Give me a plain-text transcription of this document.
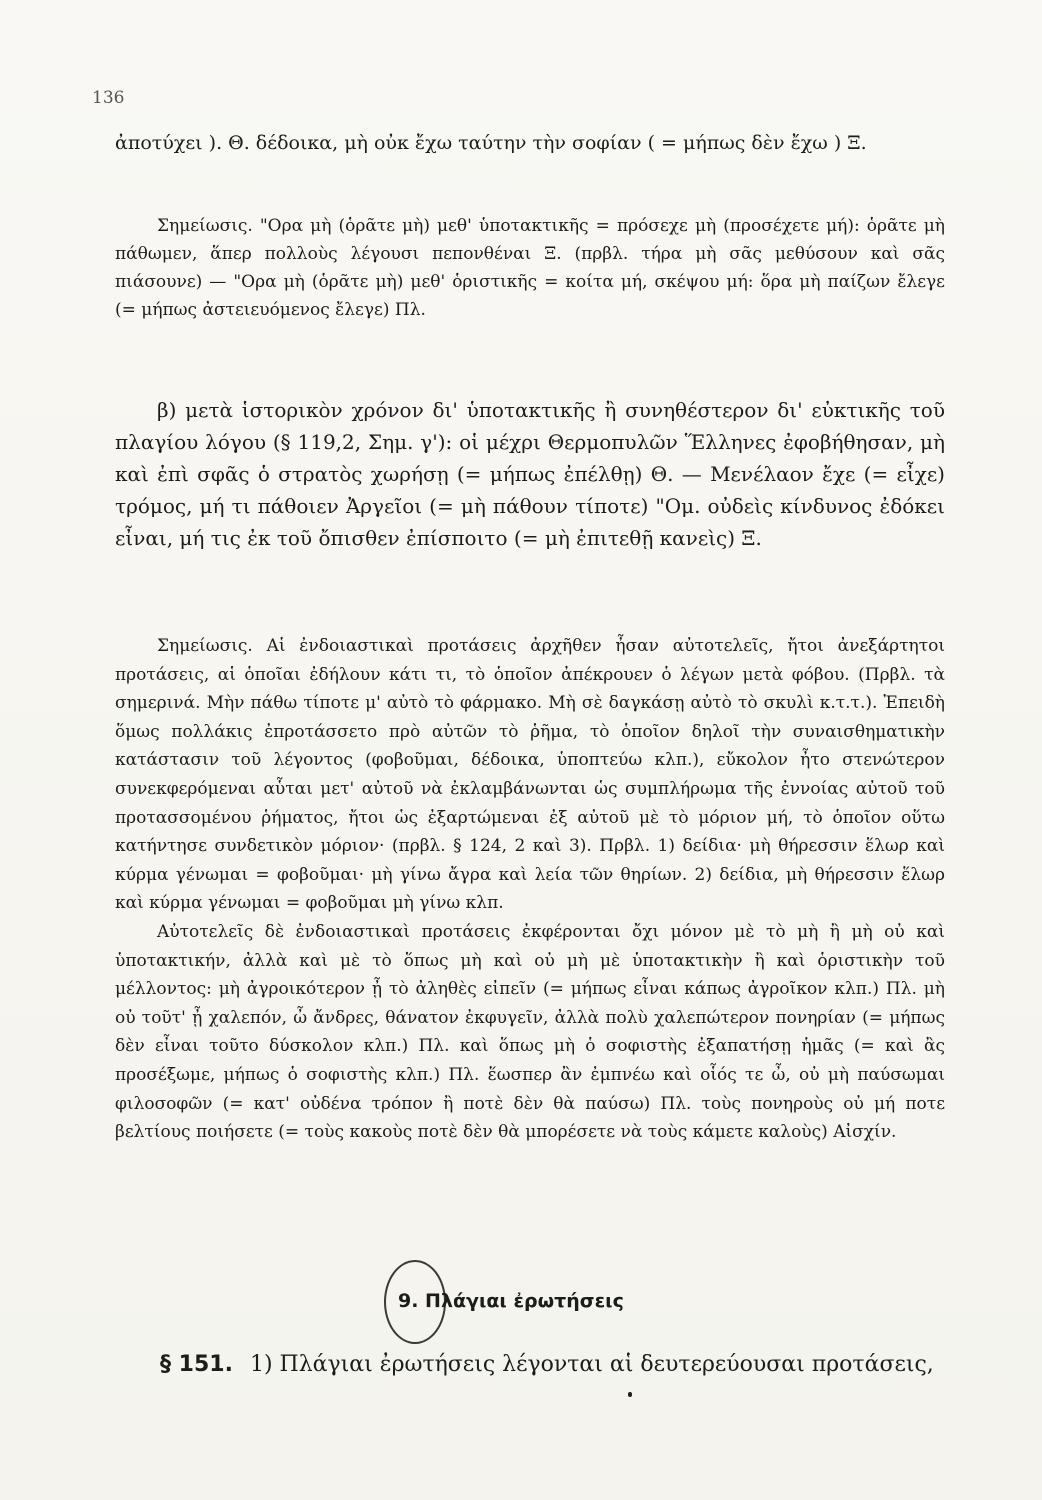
136

ἀποτύχει ). Θ. δέδοικα, μὴ οὐκ ἔχω ταύτην τὴν σοφίαν ( = μήπως δὲν ἔχω ) Ξ.

Σημείωσις. "Ορα μὴ (ὁρᾶτε μὴ) μεθ' ὑποτακτικῆς = πρόσεχε μὴ (προσέχετε μή): ὁρᾶτε μὴ πάθωμεν, ἅπερ πολλοὺς λέγουσι πεπονθέναι Ξ. (πρβλ. τήρα μὴ σᾶς μεθύσουν καὶ σᾶς πιάσουνε) — "Ορα μὴ (ὁρᾶτε μὴ) μεθ' ὁριστικῆς = κοίτα μή, σκέψου μή: ὅρα μὴ παίζων ἔλεγε (= μήπως ἀστειευόμενος ἔλεγε) Πλ.

β) μετὰ ἱστορικὸν χρόνον δι' ὑποτακτικῆς ἢ συνηθέστερον δι' εὐκτικῆς τοῦ πλαγίου λόγου (§ 119,2, Σημ. γ'): οἱ μέχρι Θερμοπυλῶν Ἕλληνες ἐφοβήθησαν, μὴ καὶ ἐπὶ σφᾶς ὁ στρατὸς χωρήσῃ (= μήπως ἐπέλθῃ) Θ. — Μενέλαον ἔχε (= εἶχε) τρόμος, μή τι πάθοιεν Ἀργεῖοι (= μὴ πάθουν τίποτε) "Ομ. οὐδεὶς κίνδυνος ἐδόκει εἶναι, μή τις ἐκ τοῦ ὄπισθεν ἐπίσποιτο (= μὴ ἐπιτεθῇ κανεὶς) Ξ.

Σημείωσις. Αἱ ἐνδοιαστικαὶ προτάσεις ἀρχῆθεν ἦσαν αὐτοτελεῖς, ἤτοι ἀνεξάρτητοι προτάσεις, αἱ ὁποῖαι ἐδήλουν κάτι τι, τὸ ὁποῖον ἀπέκρουεν ὁ λέγων μετὰ φόβου. (Πρβλ. τὰ σημερινά. Μὴν πάθω τίποτε μ' αὐτὸ τὸ φάρμακο. Μὴ σὲ δαγκάσῃ αὐτὸ τὸ σκυλὶ κ.τ.τ.). Ἐπειδὴ ὅμως πολλάκις ἐπροτάσσετο πρὸ αὐτῶν τὸ ῥῆμα, τὸ ὁποῖον δηλοῖ τὴν συναισθηματικὴν κατάστασιν τοῦ λέγοντος (φοβοῦμαι, δέδοικα, ὑποπτεύω κλπ.), εὔκολον ἦτο στενώτερον συνεκφερόμεναι αὗται μετ' αὐτοῦ νὰ ἐκλαμβάνωνται ὡς συμπλήρωμα τῆς ἐννοίας αὐτοῦ τοῦ προτασσομένου ῥήματος, ἤτοι ὡς ἐξαρτώμεναι ἐξ αὐτοῦ μὲ τὸ μόριον μή, τὸ ὁποῖον οὕτω κατήντησε συνδετικὸν μόριον· (πρβλ. § 124, 2 καὶ 3). Πρβλ. 1) δείδια· μὴ θήρεσσιν ἕλωρ καὶ κύρμα γένωμαι = φοβοῦμαι· μὴ γίνω ἄγρα καὶ λεία τῶν θηρίων. 2) δείδια, μὴ θήρεσσιν ἕλωρ καὶ κύρμα γένωμαι = φοβοῦμαι μὴ γίνω κλπ.

Αὐτοτελεῖς δὲ ἐνδοιαστικαὶ προτάσεις ἐκφέρονται ὄχι μόνον μὲ τὸ μὴ ἢ μὴ οὐ καὶ ὑποτακτικήν, ἀλλὰ καὶ μὲ τὸ ὅπως μὴ καὶ οὐ μὴ μὲ ὑποτακτικὴν ἢ καὶ ὁριστικὴν τοῦ μέλλοντος: μὴ ἀγροικότερον ᾖ τὸ ἀληθὲς εἰπεῖν (= μήπως εἶναι κάπως ἀγροῖκον κλπ.) Πλ. μὴ οὐ τοῦτ' ᾖ χαλεπόν, ὦ ἄνδρες, θάνατον ἐκφυγεῖν, ἀλλὰ πολὺ χαλεπώτερον πονηρίαν (= μήπως δὲν εἶναι τοῦτο δύσκολον κλπ.) Πλ. καὶ ὅπως μὴ ὁ σοφιστὴς ἐξαπατήσῃ ἡμᾶς (= καὶ ἂς προσέξωμε, μήπως ὁ σοφιστὴς κλπ.) Πλ. ἕωσπερ ἂν ἐμπνέω καὶ οἷός τε ὦ, οὐ μὴ παύσωμαι φιλοσοφῶν (= κατ' οὐδένα τρόπον ἢ ποτὲ δὲν θὰ παύσω) Πλ. τοὺς πονηροὺς οὐ μή ποτε βελτίους ποιήσετε (= τοὺς κακοὺς ποτὲ δὲν θὰ μπορέσετε νὰ τοὺς κάμετε καλοὺς) Αἰσχίν.

9. Πλάγιαι ἐρωτήσεις
§ 151. 1) Πλάγιαι ἐρωτήσεις λέγονται αἱ δευτερεύουσαι προτάσεις,
